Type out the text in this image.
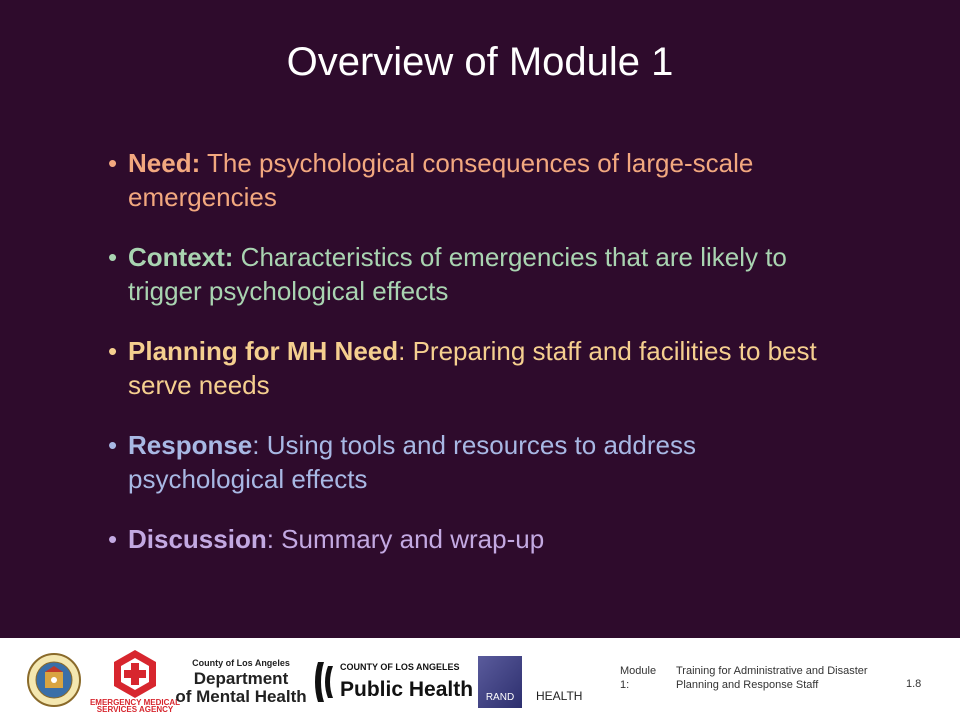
Overview of Module 1
• Need: The psychological consequences of large-scale emergencies
• Context: Characteristics of emergencies that are likely to trigger psychological effects
• Planning for MH Need: Preparing staff and facilities to best serve needs
• Response: Using tools and resources to address psychological effects
• Discussion: Summary and wrap-up
EMERGENCY MEDICAL
SERVICES AGENCY
County of Los Angeles
Department
of Mental Health
COUNTY OF LOS ANGELES
Public Health RAND HEALTH
Module 1:
Training for Administrative and Disaster Planning and Response Staff	1.8
